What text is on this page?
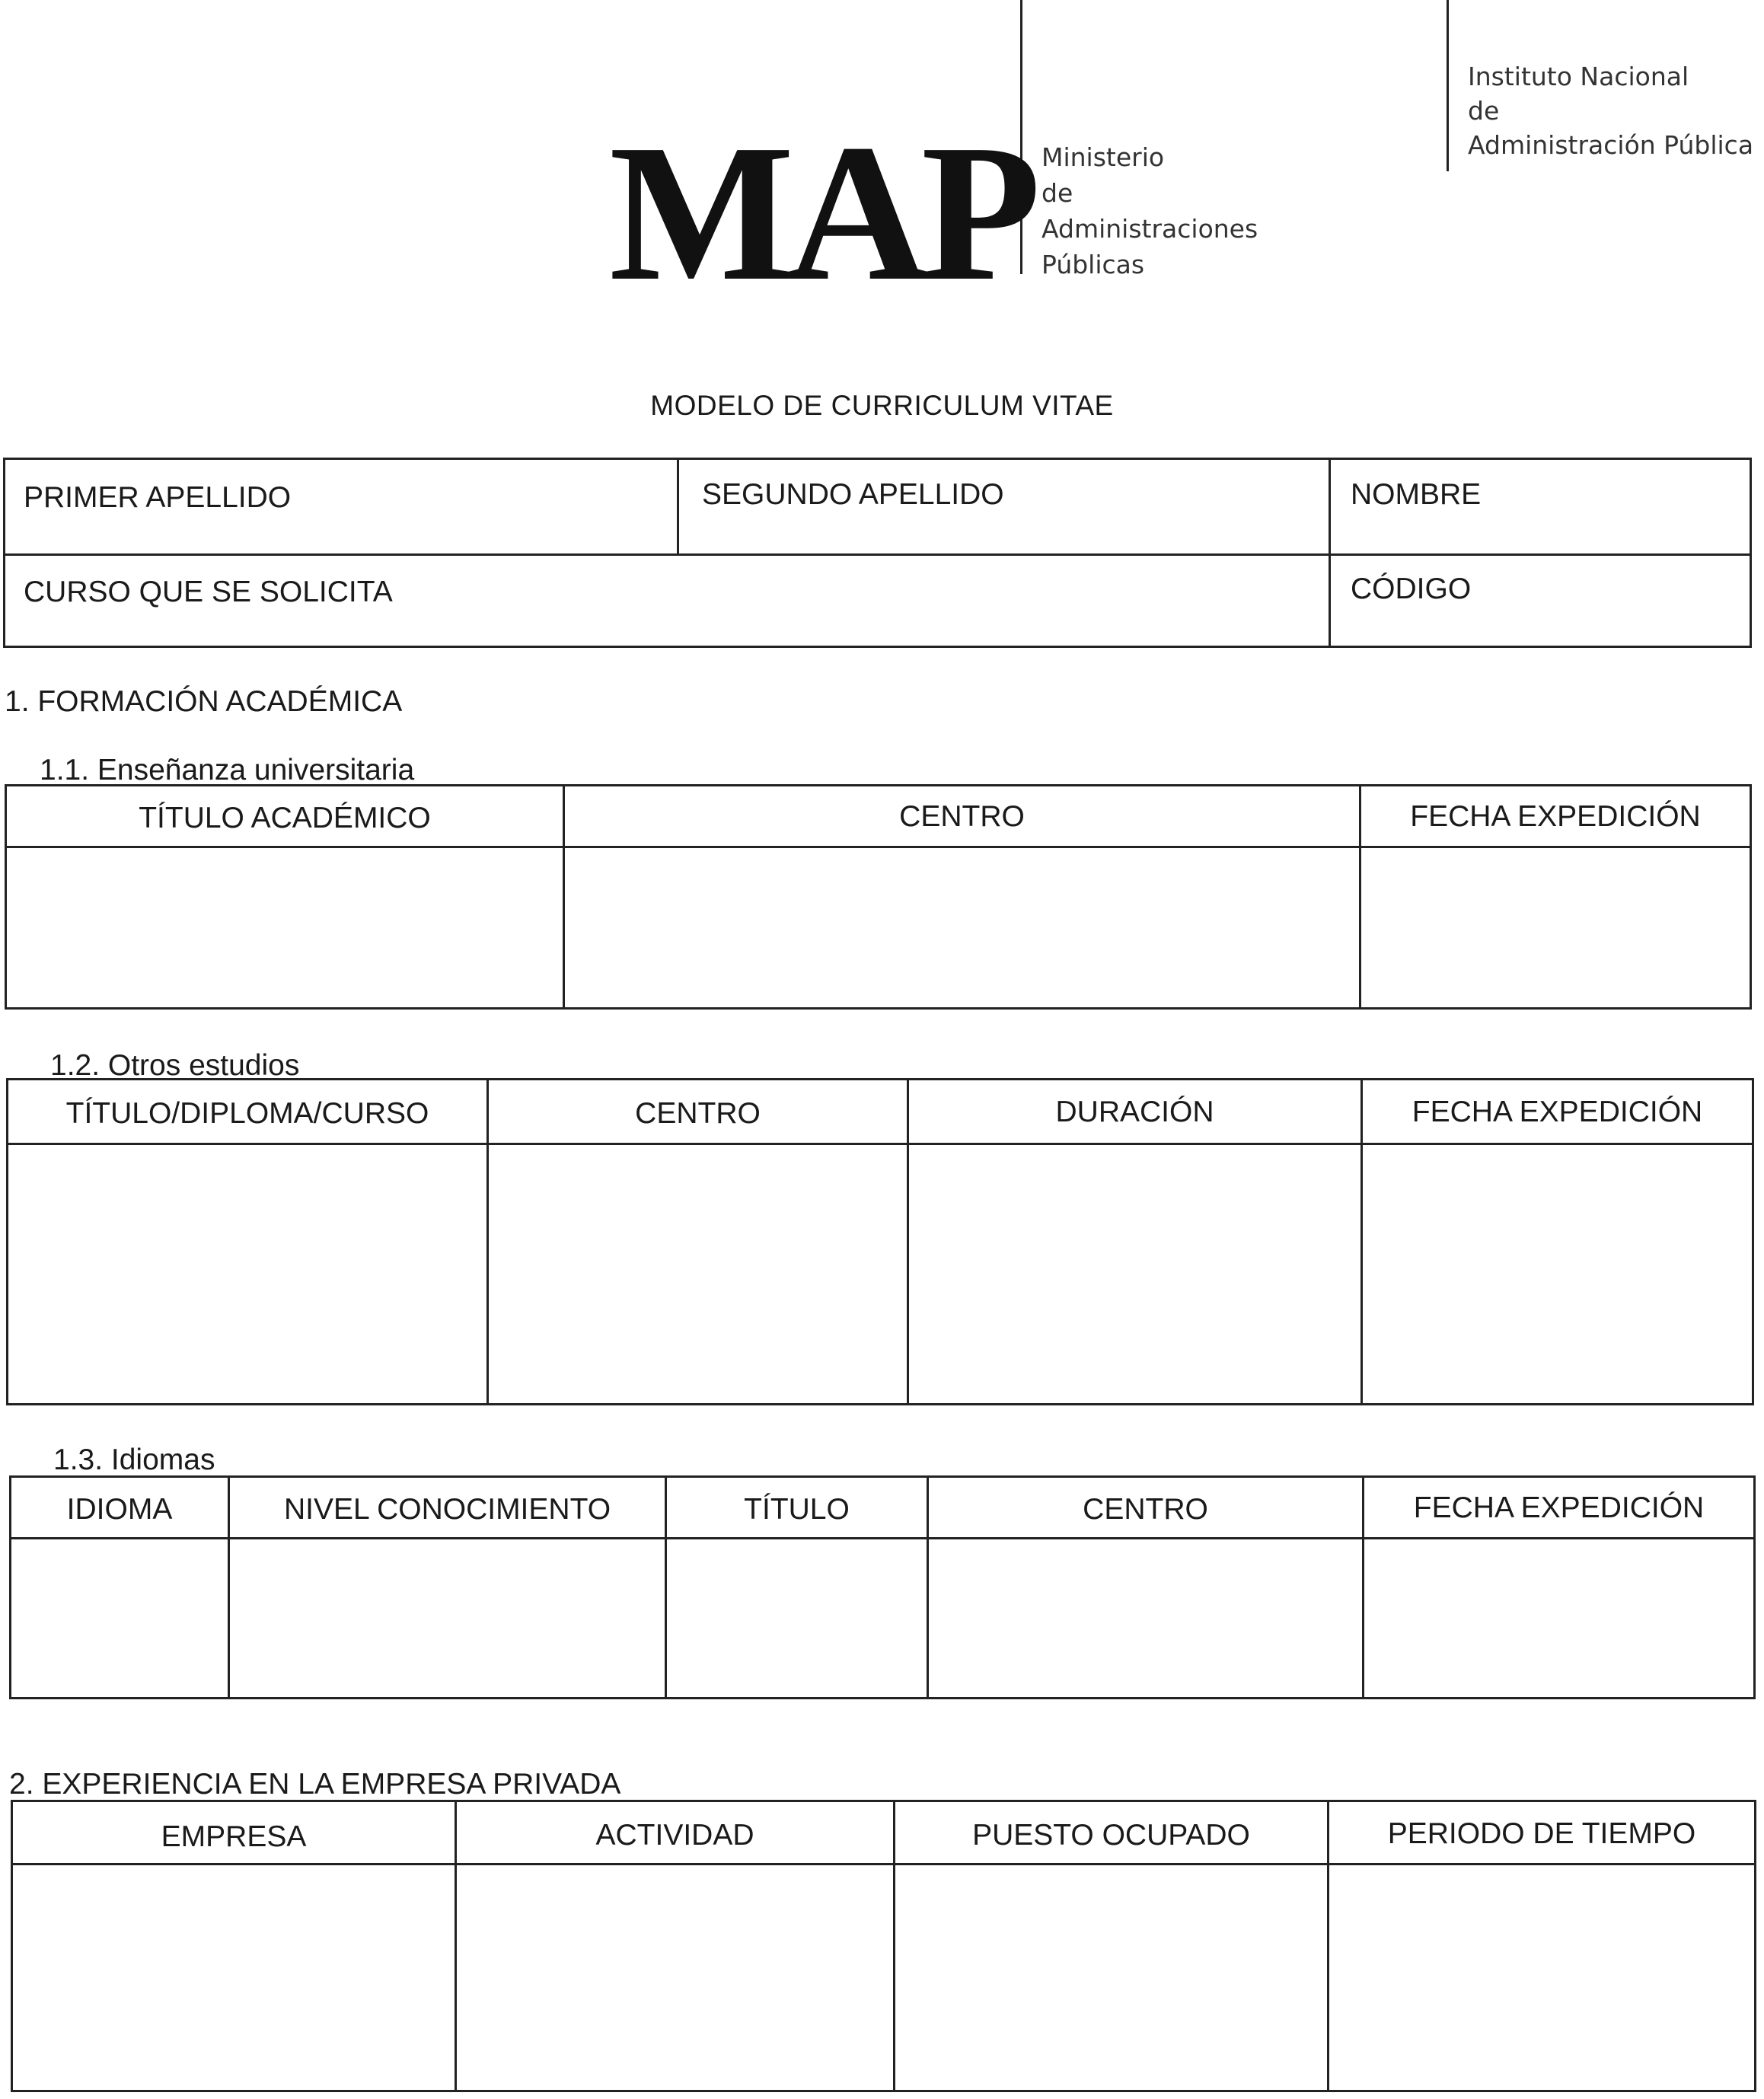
MAP Ministerio
de
Administraciones
Públicas
Instituto Nacional
de
Administración Pública
MODELO DE CURRICULUM VITAE
PRIMER APELLIDO	SEGUNDO APELLIDO	NOMBRE
CURSO QUE SE SOLICITA	CÓDIGO
1. FORMACIÓN ACADÉMICA
1.1. Enseñanza universitaria
TÍTULO ACADÉMICO	CENTRO	FECHA EXPEDICIÓN
1.2. Otros estudios
TÍTULO/DIPLOMA/CURSO	CENTRO	DURACIÓN	FECHA EXPEDICIÓN
1.3. Idiomas
IDIOMA	NIVEL CONOCIMIENTO	TÍTULO	CENTRO	FECHA EXPEDICIÓN
2. EXPERIENCIA EN LA EMPRESA PRIVADA
EMPRESA	ACTIVIDAD	PUESTO OCUPADO	PERIODO DE TIEMPO
